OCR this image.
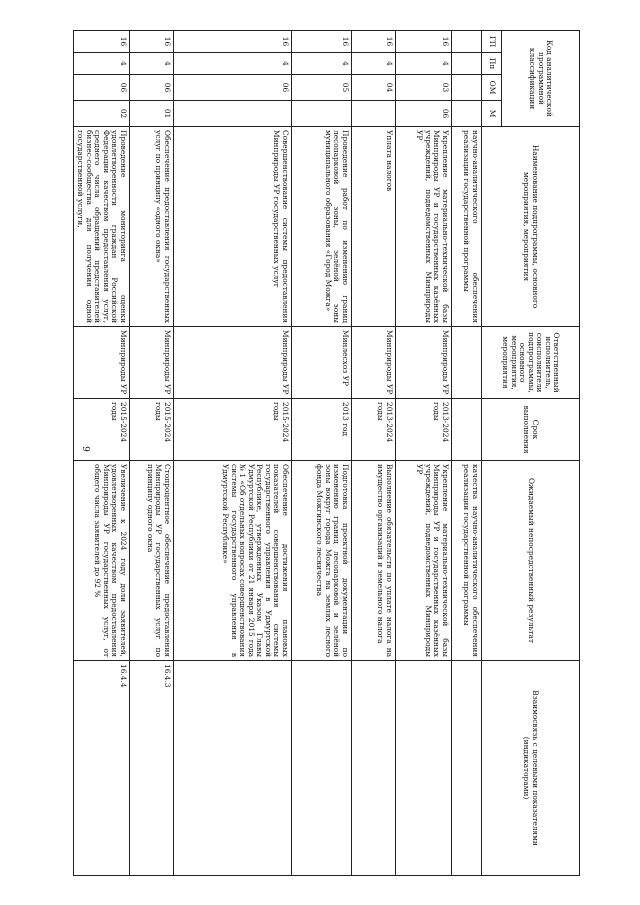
9
Код аналитической программной классификации				Наименование подпрограммы, основного мероприятия, мероприятия	Ответственный исполнитель, соисполнители подпрограммы, основного мероприятия, мероприятия	Срок выполнения	Ожидаемый непосредственный результат	Взаимосвязь с целевыми показателями (индикаторами)
ГП	Пп	ОМ	М					
				научно-аналитического обеспечения реализации государственной программы			качества научно-аналитического обеспечения реализации государственной программы	
16	4	03	06	Укрепление материально-технической базы Минприроды УР и государственных казённых учреждений, подведомственных Минприроды УР	Минприроды УР	2013-2024 годы	Укрепление материально-технической базы Минприроды УР и государственных казённых учреждений, подведомственных Минприроды УР	
16	4	04		Уплата налогов	Минприроды УР	2013-2024 годы	Выполнение обязательств по уплате налога на имущество организаций и земельного налога	
16	4	05		Проведение работ по изменению границ лесопарковой зоны, зелёной зоны муниципального образования «Город Можга»	Минлесхоз УР	2013 год	Подготовка проектной документации по изменению границ лесопарковой и зелёной зоны вокруг города Можга на землях лесного фонда Можгинского лесничества	
16	4	06		Совершенствование системы предоставления Минприроды УР государственных услуг	Минприроды УР	2015-2024 годы	Обеспечение достижения плановых показателей совершенствования системы государственного управления в Удмуртской Республике, утвержденных Указом Главы Удмуртской Республики от 21 января 2015 года № 1 «Об отдельных вопросах совершенствования системы государственного управления в Удмуртской Республике»	
16	4	06	01	Обеспечение предоставления государственных услуг по принципу «одного окна»	Минприроды УР	2015-2024 годы	Стопроцентное обеспечение предоставления Минприроды УР государственных услуг по принципу одного окна	16.4.3
16	4	06	02	Проведение мониторинга оценки удовлетворенности граждан Российской Федерации качеством предоставления услуг, среднего числа обращений представителей бизнес-сообщества для получения одной государственной услуги,	Минприроды УР	2015-2024 годы	Увеличение к 2024 году доли заявителей, удовлетворенных качеством предоставления Минприроды УР государственных услуг, от общего числа заявителей до 92 %	16.4.4
